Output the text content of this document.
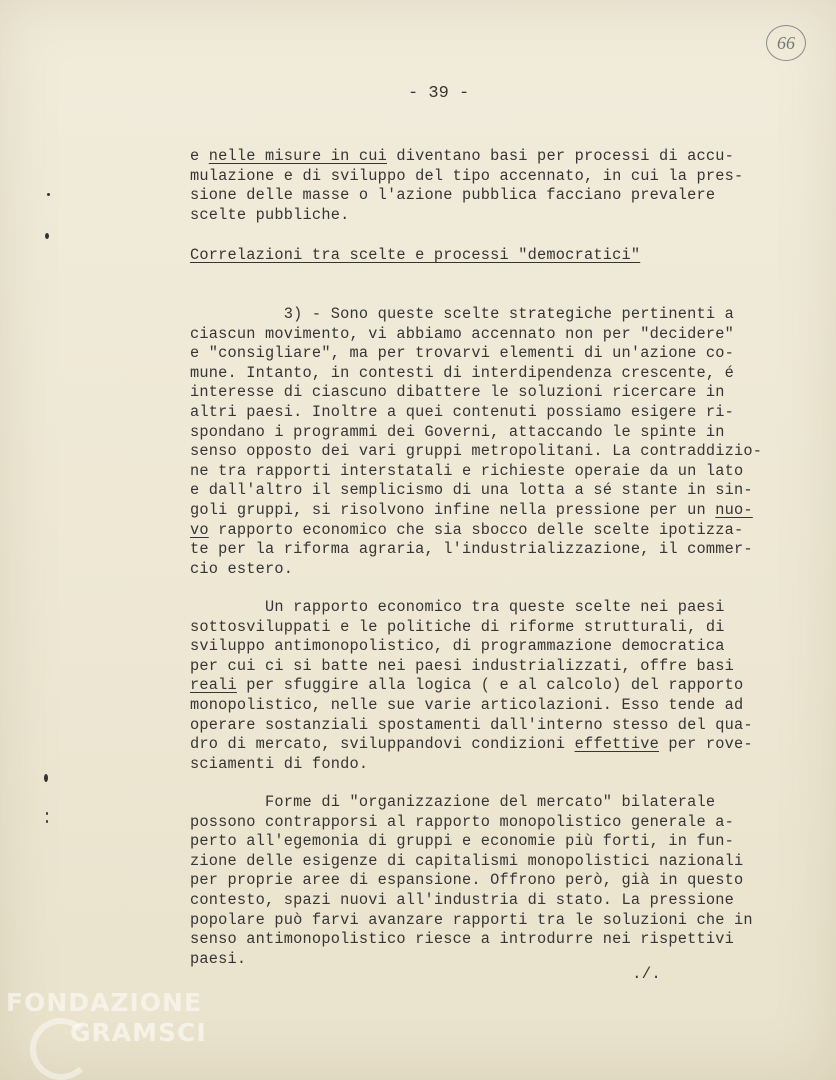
66
- 39 -
e nelle misure in cui diventano basi per processi di accu-
mulazione e di sviluppo del tipo accennato, in cui la pres-
sione delle masse o l'azione pubblica facciano prevalere
scelte pubbliche.
Correlazioni tra scelte e processi "democratici"
3) - Sono queste scelte strategiche pertinenti a
ciascun movimento, vi abbiamo accennato non per "decidere"
e "consigliare", ma per trovarvi elementi di un'azione co-
mune. Intanto, in contesti di interdipendenza crescente, é
interesse di ciascuno dibattere le soluzioni ricercare in
altri paesi. Inoltre a quei contenuti possiamo esigere ri-
spondano i programmi dei Governi, attaccando le spinte in
senso opposto dei vari gruppi metropolitani. La contraddizio-
ne tra rapporti interstatali e richieste operaie da un lato
e dall'altro il semplicismo di una lotta a sé stante in sin-
goli gruppi, si risolvono infine nella pressione per un nuo-
vo rapporto economico che sia sbocco delle scelte ipotizza-
te per la riforma agraria, l'industrializzazione, il commer-
cio estero.
Un rapporto economico tra queste scelte nei paesi
sottosviluppati e le politiche di riforme strutturali, di
sviluppo antimonopolistico, di programmazione democratica
per cui ci si batte nei paesi industrializzati, offre basi
reali per sfuggire alla logica ( e al calcolo) del rapporto
monopolistico, nelle sue varie articolazioni. Esso tende ad
operare sostanziali spostamenti dall'interno stesso del qua-
dro di mercato, sviluppandovi condizioni effettive per rove-
sciamenti di fondo.
Forme di "organizzazione del mercato" bilaterale
possono contrapporsi al rapporto monopolistico generale a-
perto all'egemonia di gruppi e economie più forti, in fun-
zione delle esigenze di capitalismi monopolistici nazionali
per proprie aree di espansione. Offrono però, già in questo
contesto, spazi nuovi all'industria di stato. La pressione
popolare può farvi avanzare rapporti tra le soluzioni che in
senso antimonopolistico riesce a introdurre nei rispettivi
paesi.
./.
FONDAZIONE
GRAMSCI
